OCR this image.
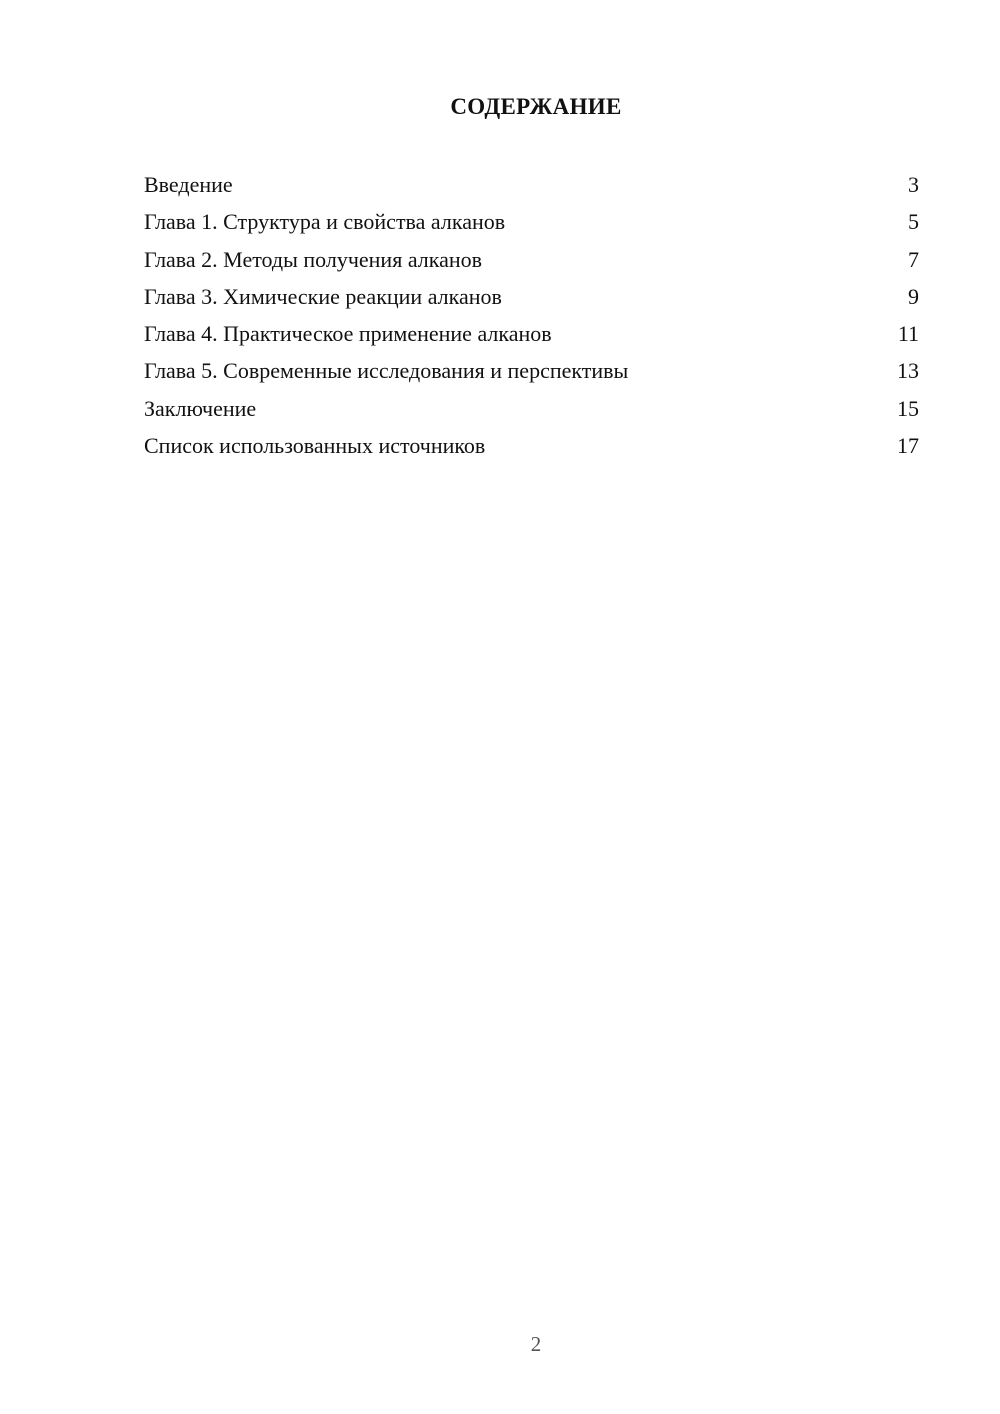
СОДЕРЖАНИЕ
Введение	3
Глава 1. Структура и свойства алканов	5
Глава 2. Методы получения алканов	7
Глава 3. Химические реакции алканов	9
Глава 4. Практическое применение алканов	11
Глава 5. Современные исследования и перспективы	13
Заключение	15
Список использованных источников	17
2
